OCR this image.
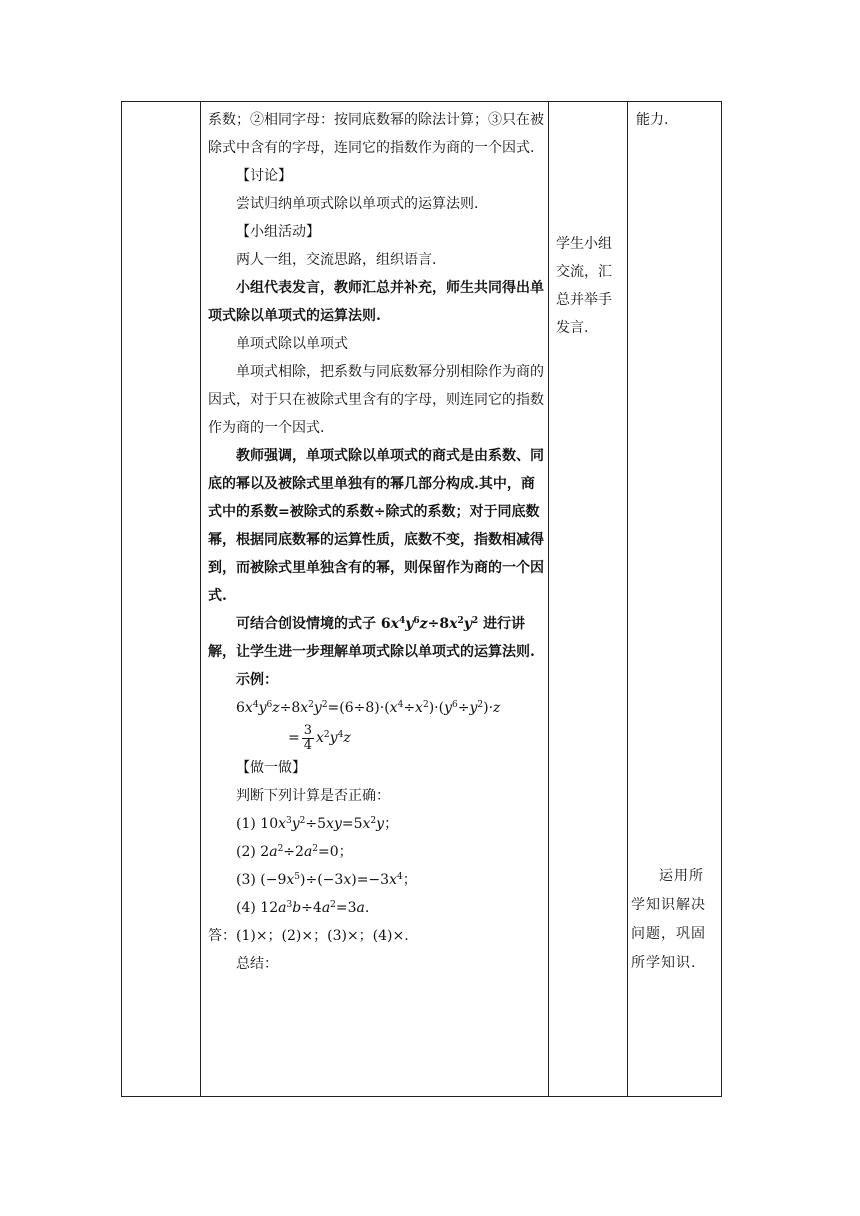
系数；②相同字母：按同底数幂的除法计算；③只在被除式中含有的字母，连同它的指数作为商的一个因式.

【讨论】

尝试归纳单项式除以单项式的运算法则.

【小组活动】

两人一组，交流思路，组织语言.

小组代表发言，教师汇总并补充，师生共同得出单项式除以单项式的运算法则.

单项式除以单项式

单项式相除，把系数与同底数幂分别相除作为商的因式，对于只在被除式里含有的字母，则连同它的指数作为商的一个因式.

教师强调，单项式除以单项式的商式是由系数、同底的幂以及被除式里单独有的幂几部分构成.其中，商式中的系数=被除式的系数÷除式的系数；对于同底数幂，根据同底数幂的运算性质，底数不变，指数相减得到，而被除式里单独含有的幂，则保留作为商的一个因式.

可结合创设情境的式子 $6x^4y^6z\div 8x^2y^2$ 进行讲解，让学生进一步理解单项式除以单项式的运算法则.

示例：

$6x^4y^6z\div 8x^2y^2=(6\div 8)\cdot(x^4\div x^2)\cdot(y^6\div y^2)\cdot z$

= $\frac{3}{4} x^2y^4z$

【做一做】

判断下列计算是否正确：

(1) $10x^3y^2\div 5xy=5x^2y$；

(2) $2a^2\div 2a^2=0$；

(3) $(-9x^5)\div(-3x)=-3x^4$；

(4) $12a^3b\div 4a^2=3a$.

答：(1)×；(2)×；(3)×；(4)×.

总结：

学生小组交流，汇总并举手发言.

能力.

运用所学知识解决问题，巩固所学知识.
